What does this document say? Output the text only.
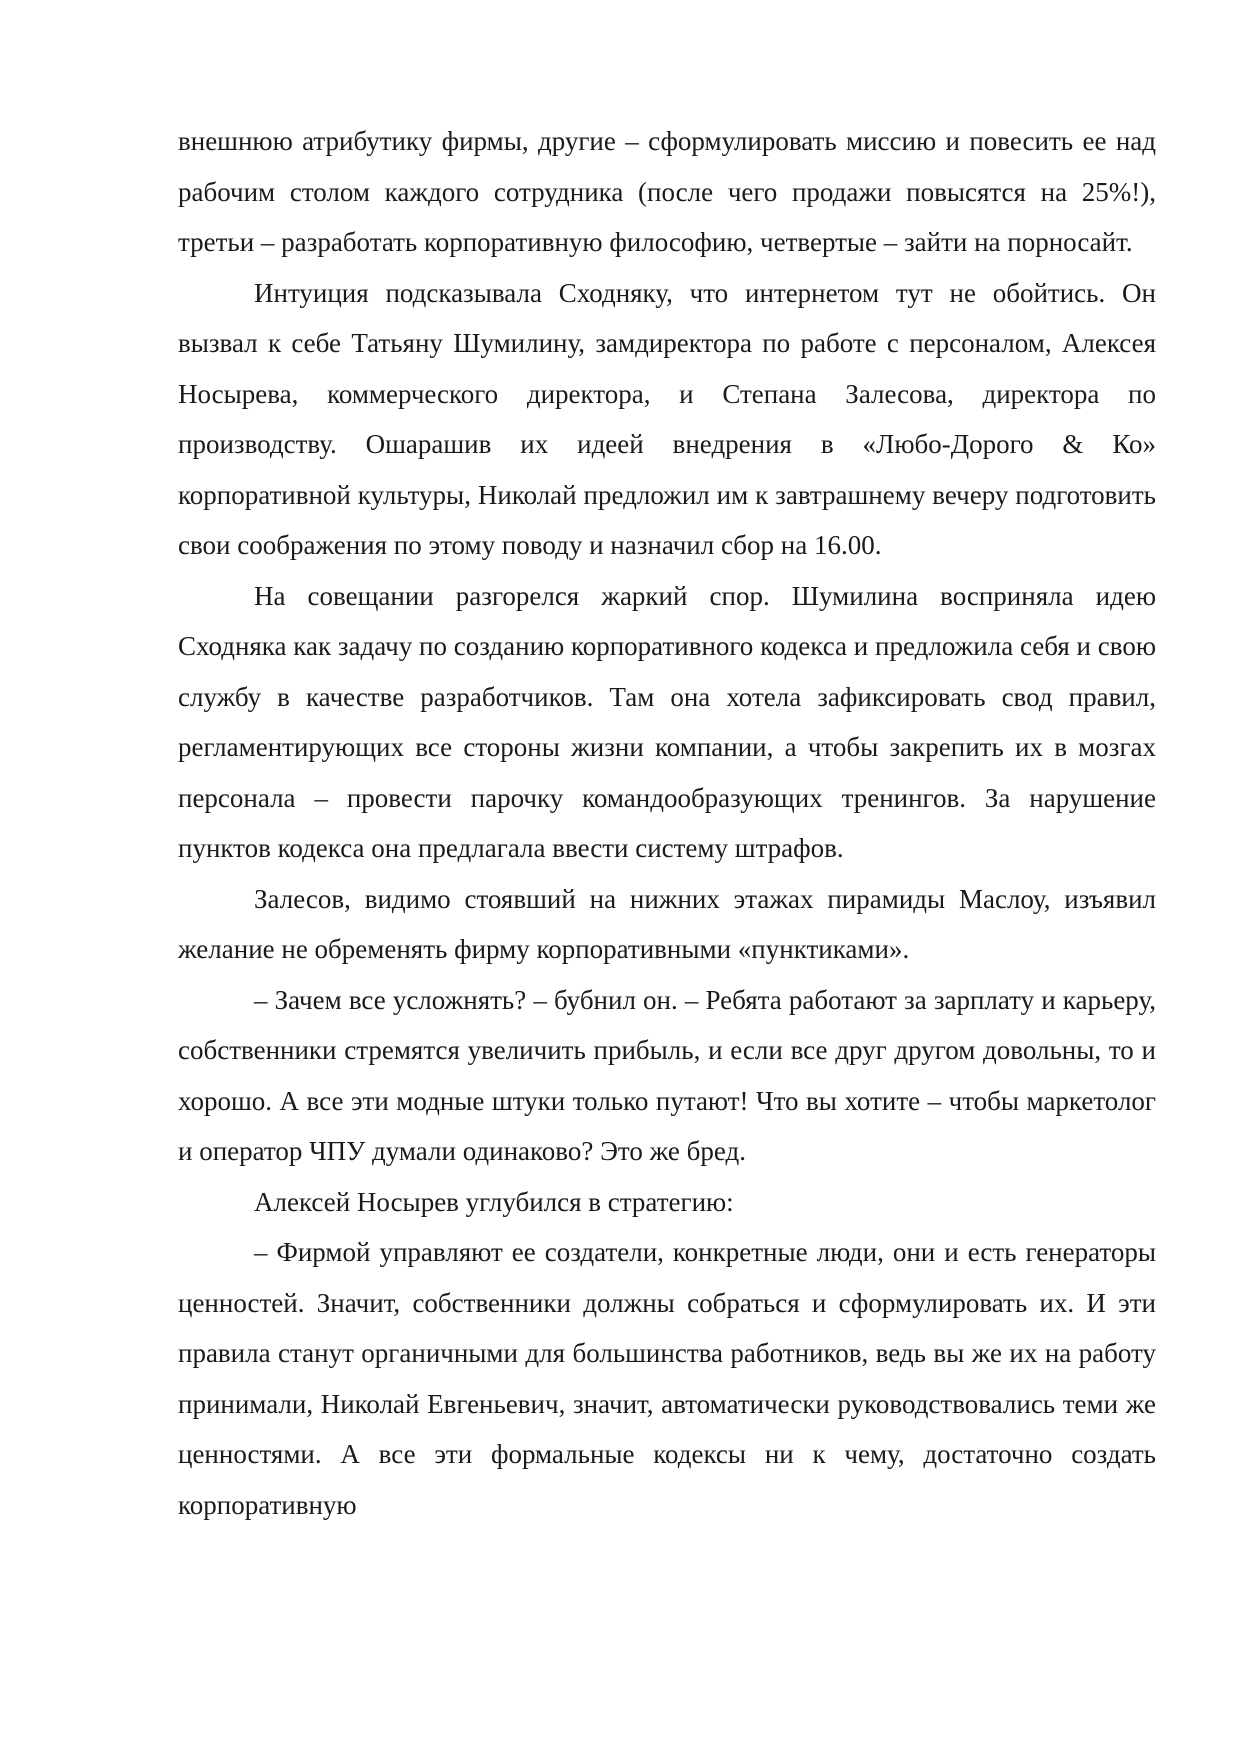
внешнюю атрибутику фирмы, другие – сформулировать миссию и повесить ее над рабочим столом каждого сотрудника (после чего продажи повысятся на 25%!), третьи – разработать корпоративную философию, четвертые – зайти на порносайт.

Интуиция подсказывала Сходняку, что интернетом тут не обойтись. Он вызвал к себе Татьяну Шумилину, замдиректора по работе с персоналом, Алексея Носырева, коммерческого директора, и Степана Залесова, директора по производству. Ошарашив их идеей внедрения в «Любо-Дорого & Ко» корпоративной культуры, Николай предложил им к завтрашнему вечеру подготовить свои соображения по этому поводу и назначил сбор на 16.00.

На совещании разгорелся жаркий спор. Шумилина восприняла идею Сходняка как задачу по созданию корпоративного кодекса и предложила себя и свою службу в качестве разработчиков. Там она хотела зафиксировать свод правил, регламентирующих все стороны жизни компании, а чтобы закрепить их в мозгах персонала – провести парочку командообразующих тренингов. За нарушение пунктов кодекса она предлагала ввести систему штрафов.

Залесов, видимо стоявший на нижних этажах пирамиды Маслоу, изъявил желание не обременять фирму корпоративными «пунктиками».

– Зачем все усложнять? – бубнил он. – Ребята работают за зарплату и карьеру, собственники стремятся увеличить прибыль, и если все друг другом довольны, то и хорошо. А все эти модные штуки только путают! Что вы хотите – чтобы маркетолог и оператор ЧПУ думали одинаково? Это же бред.

Алексей Носырев углубился в стратегию:

– Фирмой управляют ее создатели, конкретные люди, они и есть генераторы ценностей. Значит, собственники должны собраться и сформулировать их. И эти правила станут органичными для большинства работников, ведь вы же их на работу принимали, Николай Евгеньевич, значит, автоматически руководствовались теми же ценностями. А все эти формальные кодексы ни к чему, достаточно создать корпоративную
